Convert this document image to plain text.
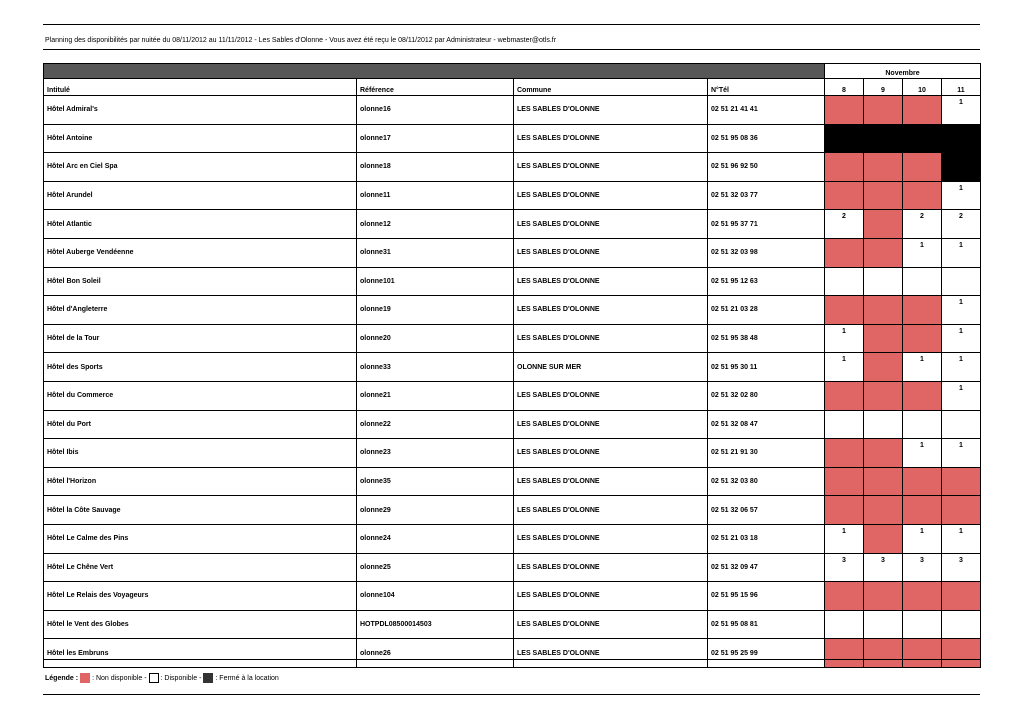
Planning des disponibilités par nuitée du 08/11/2012 au 11/11/2012 - Les Sables d'Olonne - Vous avez été reçu le 08/11/2012 par Administrateur - webmaster@otls.fr
				Novembre			
Intitulé	Référence	Commune	N°Tél	8	9	10	11
Hôtel Admiral's	olonne16	LES SABLES D'OLONNE	02 51 21 41 41				1
Hôtel Antoine	olonne17	LES SABLES D'OLONNE	02 51 95 08 36				
Hôtel Arc en Ciel Spa	olonne18	LES SABLES D'OLONNE	02 51 96 92 50				
Hôtel Arundel	olonne11	LES SABLES D'OLONNE	02 51 32 03 77				1
Hôtel Atlantic	olonne12	LES SABLES D'OLONNE	02 51 95 37 71	2		2	2
Hôtel Auberge Vendéenne	olonne31	LES SABLES D'OLONNE	02 51 32 03 98			1	1
Hôtel Bon Soleil	olonne101	LES SABLES D'OLONNE	02 51 95 12 63				
Hôtel d'Angleterre	olonne19	LES SABLES D'OLONNE	02 51 21 03 28				1
Hôtel de la Tour	olonne20	LES SABLES D'OLONNE	02 51 95 38 48	1			1
Hôtel des Sports	olonne33	OLONNE SUR MER	02 51 95 30 11	1		1	1
Hôtel du Commerce	olonne21	LES SABLES D'OLONNE	02 51 32 02 80				1
Hôtel du Port	olonne22	LES SABLES D'OLONNE	02 51 32 08 47				
Hôtel Ibis	olonne23	LES SABLES D'OLONNE	02 51 21 91 30			1	1
Hôtel l'Horizon	olonne35	LES SABLES D'OLONNE	02 51 32 03 80				
Hôtel la Côte Sauvage	olonne29	LES SABLES D'OLONNE	02 51 32 06 57				
Hôtel Le Calme des Pins	olonne24	LES SABLES D'OLONNE	02 51 21 03 18	1		1	1
Hôtel Le Chêne Vert	olonne25	LES SABLES D'OLONNE	02 51 32 09 47	3	3	3	3
Hôtel Le Relais des Voyageurs	olonne104	LES SABLES D'OLONNE	02 51 95 15 96				
Hôtel le Vent des Globes	HOTPDL08500014503	LES SABLES D'OLONNE	02 51 95 08 81				
Hôtel les Embruns	olonne26	LES SABLES D'OLONNE	02 51 95 25 99				
Légende : : Non disponible - : Disponible - : Fermé à la location
